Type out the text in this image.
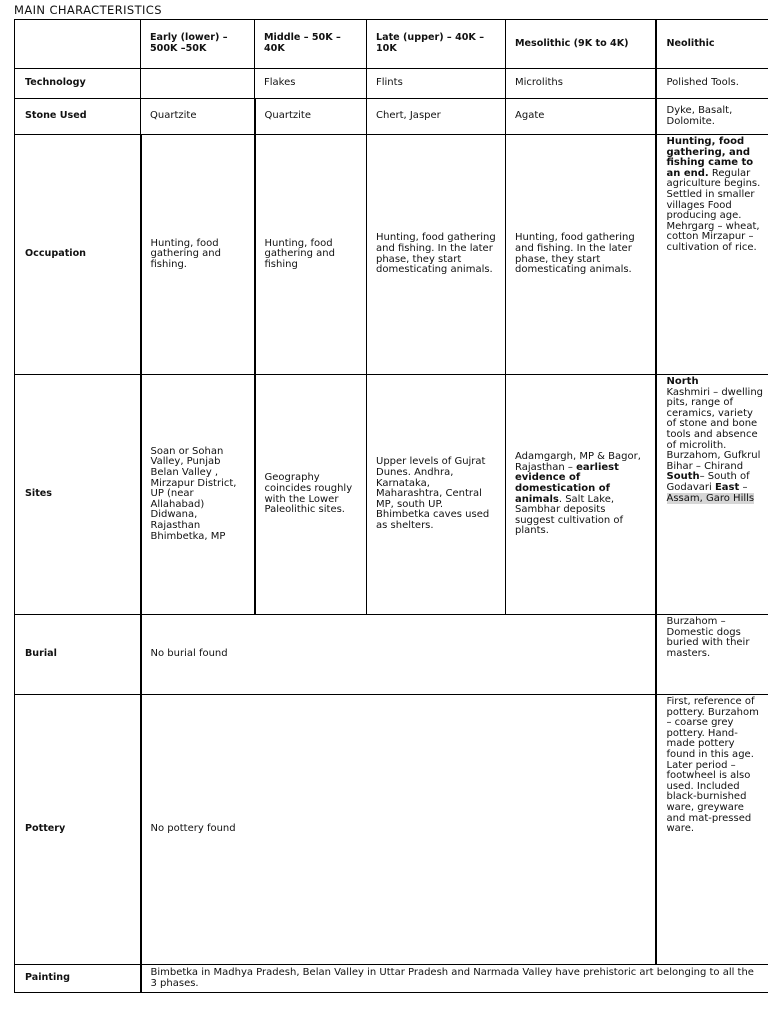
MAIN CHARACTERISTICS
	Early (lower) – 500K –50K	Middle – 50K – 40K	Late (upper) – 40K – 10K	Mesolithic (9K to 4K)	Neolithic
Technology		Flakes	Flints	Microliths	Polished Tools.
Stone Used	Quartzite	Quartzite	Chert, Jasper	Agate	Dyke, Basalt, Dolomite.
Occupation	Hunting, food gathering and fishing.	Hunting, food gathering and fishing	Hunting, food gathering and fishing. In the later phase, they start domesticating animals.	Hunting, food gathering and fishing. In the later phase, they start domesticating animals.	Hunting, food gathering, and fishing came to an end. Regular agriculture begins. Settled in smaller villages Food producing age. Mehrgarg – wheat, cotton Mirzapur – cultivation of rice.
Sites	Soan or Sohan Valley, Punjab Belan Valley , Mirzapur District, UP (near Allahabad) Didwana, Rajasthan Bhimbetka, MP	Geography coincides roughly with the Lower Paleolithic sites.	Upper levels of Gujrat Dunes. Andhra, Karnataka, Maharashtra, Central MP, south UP. Bhimbetka caves used as shelters.	Adamgargh, MP & Bagor, Rajasthan – earliest evidence of domestication of animals. Salt Lake, Sambhar deposits suggest cultivation of plants.	North
Kashmiri – dwelling pits, range of ceramics, variety of stone and bone tools and absence of microlith. Burzahom, Gufkrul Bihar – Chirand South– South of Godavari East – Assam, Garo Hills
Burial	No burial found				Burzahom – Domestic dogs buried with their masters.
Pottery	No pottery found				First, reference of pottery. Burzahom – coarse grey pottery. Hand-made pottery found in this age. Later period – footwheel is also used. Included black-burnished ware, greyware and mat-pressed ware.
Painting	Bimbetka in Madhya Pradesh, Belan Valley in Uttar Pradesh and Narmada Valley have prehistoric art belonging to all the 3 phases.				
